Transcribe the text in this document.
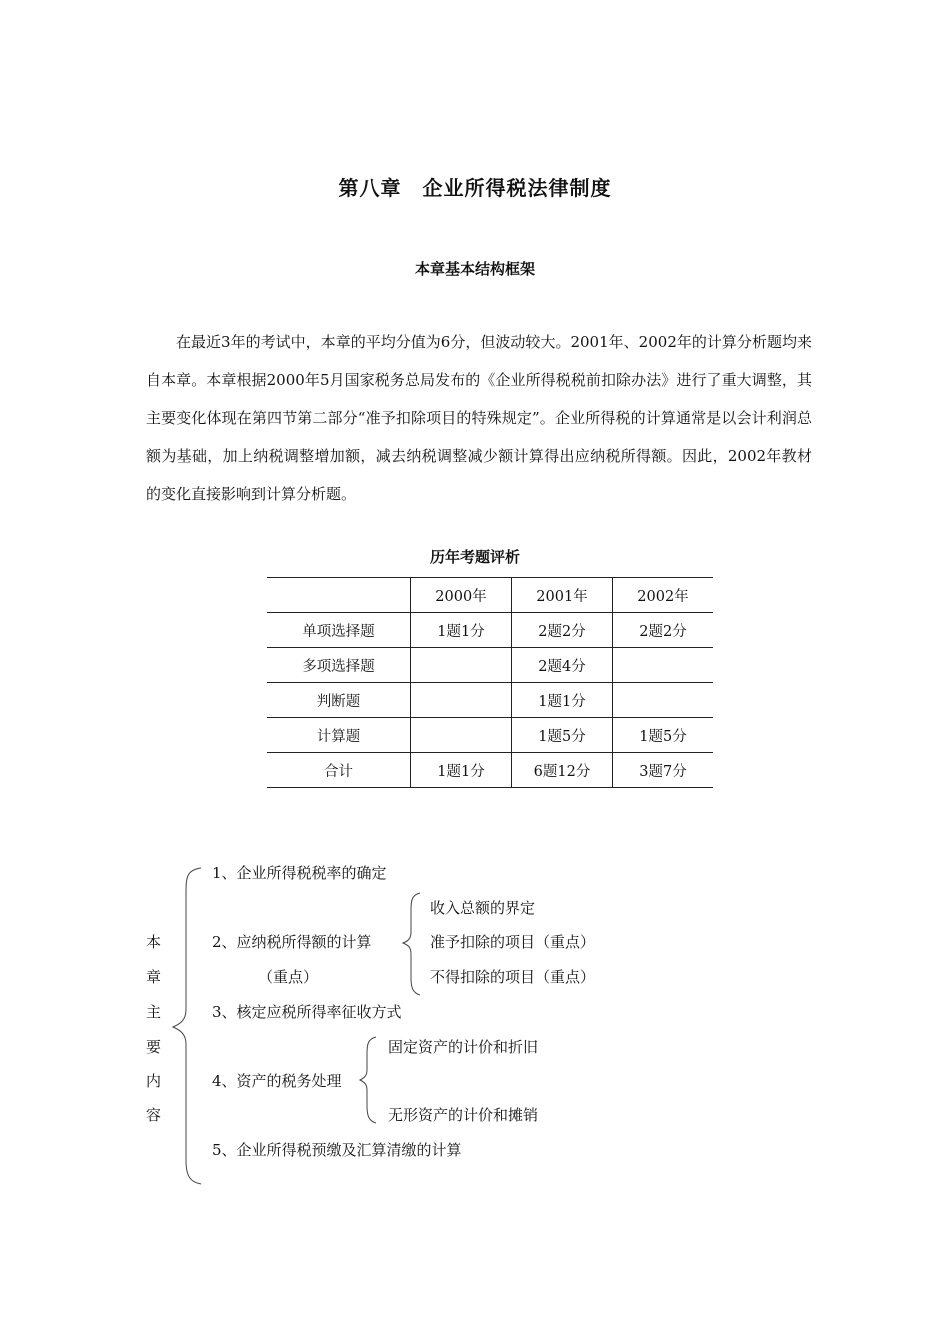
第八章　企业所得税法律制度
本章基本结构框架

在最近3年的考试中，本章的平均分值为6分，但波动较大。2001年、2002年的计算分析题均来自本章。本章根据2000年5月国家税务总局发布的《企业所得税税前扣除办法》进行了重大调整，其主要变化体现在第四节第二部分“准予扣除项目的特殊规定”。企业所得税的计算通常是以会计利润总额为基础，加上纳税调整增加额，减去纳税调整减少额计算得出应纳税所得额。因此，2002年教材的变化直接影响到计算分析题。

历年考题评析
	2000年	2001年	2002年
单项选择题	1题1分	2题2分	2题2分
多项选择题		2题4分	
判断题		1题1分	
计算题		1题5分	1题5分
合计	1题1分	6题12分	3题7分
本
章
主
要
内
容
1、企业所得税税率的确定
2、应纳税所得额的计算
（重点）
收入总额的界定
准予扣除的项目（重点）
不得扣除的项目（重点）
3、核定应税所得率征收方式
4、资产的税务处理
固定资产的计价和折旧
无形资产的计价和摊销
5、企业所得税预缴及汇算清缴的计算
